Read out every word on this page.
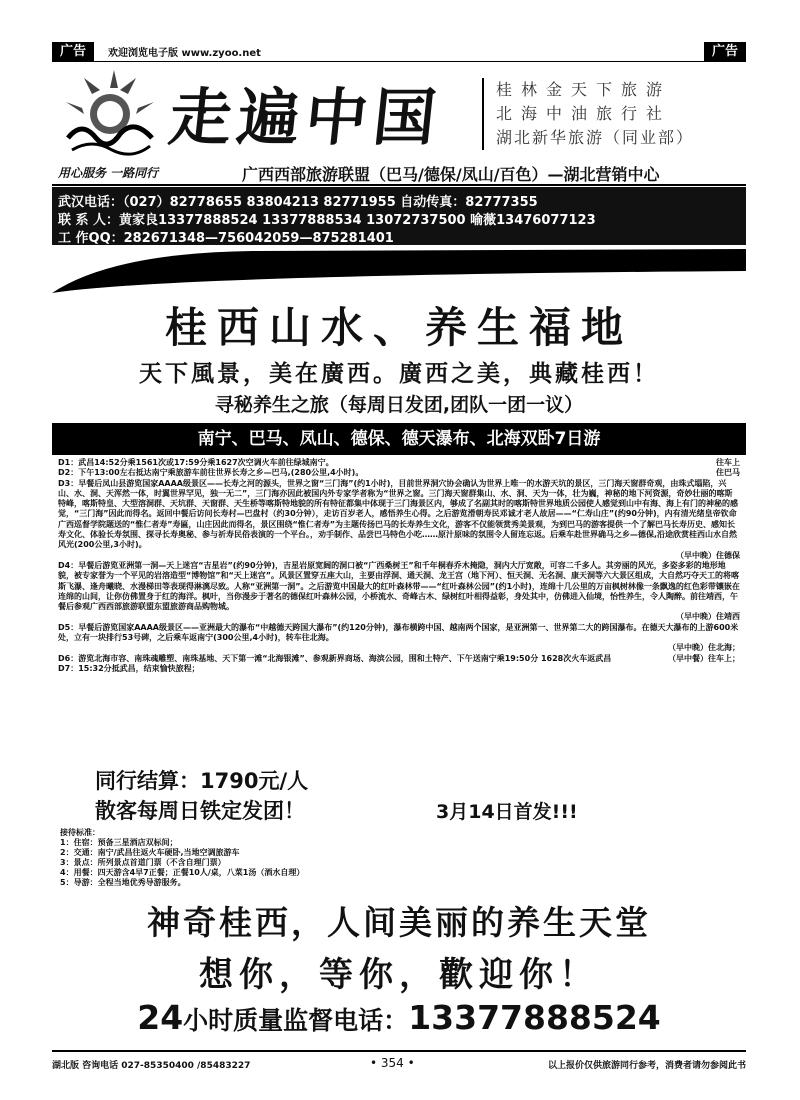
广告	欢迎浏览电子版 www.zyoo.net	广告
走遍中国	桂林金天下旅游
北海中油旅行社
湖北新华旅游（同业部）
用心服务 一路同行	广西西部旅游联盟（巴马/德保/凤山/百色）—湖北营销中心
武汉电话：（027）82778655 83804213 82771955 自动传真：82777355
联 系 人：黄家良13377888524 13377888534 13072737500 喻薇13476077123
工 作QQ：282671348—756042059—875281401
桂西山水、养生福地
天下風景，美在廣西。廣西之美，典藏桂西！
寻秘养生之旅（每周日发团,团队一团一议）
南宁、巴马、凤山、德保、德天瀑布、北海双卧7日游
往车上
D1：武昌14:52分乘1561次或17:59分乘1627次空调火车前往绿城南宁。
住巴马
D2：下午13:00左右抵达南宁乘旅游车前往世界长寿之乡—巴马,(280公里,4小时)。
D3：早餐后凤山县游览国家AAAA级景区——长寿之河的源头，世界之窗“三门海”(约1小时)，目前世界洞穴协会确认为世界上唯一的水游天坑的景区，三门海天窗群奇观，由珠式塌陷，兴山、水、洞、天浑然一体，时翼世界罕见，独一无二”，三门海亦因此被国内外专家学者称为“世界之窗。三门海天窗群集山、水、洞、天为一体，壮为巍，神秘的地下河资源，奇妙壮丽的喀斯特峰，喀斯特皇、大型溶洞群、天坑群、天窗群、天生桥等喀斯特地貌的所有特征都集中体现于三门海景区内，够成了名副其时的喀斯特世界地质公园使人感觉到山中有海、海上有门的神秘的感觉，“三门海”因此而得名。返回中餐后访问长寿村—巴盘村（约30分钟），走访百岁老人，感悟养生心得。之后游览滑朝寿民邓诚才老人故居——“仁寿山庄”(约90分钟)，内有清光绪皇帝钦命广西巡督学院题送的“惟仁者寿”寿匾，山庄因此而得名，景区围绕“惟仁者寿”为主题传扬巴马的长寿养生文化，游客不仅能领赏秀美景观，为到巴马的游客提供一个了解巴马长寿历史、感知长寿文化、体验长寿氛围、探寻长寿奥秘、参与祈寿民俗表演的一个平台。，劝手制作、品尝巴马特色小吃……原汁原味的氛围令人留连忘返。后乘车赴世界确马之乡—德保,沿途欣赏桂西山水自然风光(200公里,3小时)。
（早中晚）住德保
D4：早餐后游览亚洲第一洞—天上迷宫“吉星岩”(约90分钟)，吉星岩原宽阔的洞口被“广西桑树王”和千年桐春乔木掩隐，洞内大厅宽敞，可容二千多人。其旁丽的风光，多姿多彩的地形地貌，被专家誉为一个平见的岩溶造型“博物馆”和“天上迷宫”。风景区置穿五座大山，主要由浮洞、通天洞、龙王宫（地下河）、恒天洞、无名洞、康天洞等六大景区组成，大自然巧夺天工的将喀斯飞瀑、逢舟曦晓、水漫梯田等表现得淋漓尽致。人称“亚洲第一洞”。之后游览中国最大的红叶森林带——“红叶森林公园”(约1小时)，连绵十几公里的万亩枫树林像一条飘逸的红色彩带镶嵌在连绵的山间，让你仿佛置身于红的海洋。枫叶，当你漫步于著名的德保红叶森林公园，小桥流水、奇峰古木、绿树红叶相得益彰，身处其中，仿佛进入仙境，怡性养生，令人陶醉。前往靖西，午餐后参观广西西部旅游联盟东盟旅游商品购物城。
（早中晚）住靖西
D5：早餐后游览国家AAAA级景区——亚洲最大的瀑布“中越德天跨国大瀑布”(约120分钟)，瀑布横跨中国、越南两个国家，是亚洲第一、世界第二大的跨国瀑布。在德天大瀑布的上游600米处，立有一块排行53号碑，之后乘车返南宁(300公里,4小时)，转车往北海。
（早中晚）住北海；
（早中餐）往车上；
D6：游览北海市容、南珠魂雕塑、南珠基地、天下第一滩“北海银滩”、参观新界商场、海滨公园，围和土特产、下午送南宁乘19:50分 1628次火车返武昌
D7：15:32分抵武昌，结束愉快旅程；
同行结算：1790元/人
散客每周日铁定发团！	3月14日首发!!!
接待标准：
1：住宿：预备三星酒店双标间；
2：交通：南宁/武昌往返火车硬卧,当地空调旅游车
3：景点：所列景点首道门票（不含自理门票）
4：用餐：四天游含4早7正餐；正餐10人/桌，八菜1汤（酒水自理）
5：导游：全程当地优秀导游服务。
神奇桂西，人间美丽的养生天堂
想你，等你，歡迎你！
24小时质量监督电话：13377888524
湖北版 咨询电话 027-85350400 /85483227	• 354 •	以上报价仅供旅游同行参考，消费者请勿参阅此书
